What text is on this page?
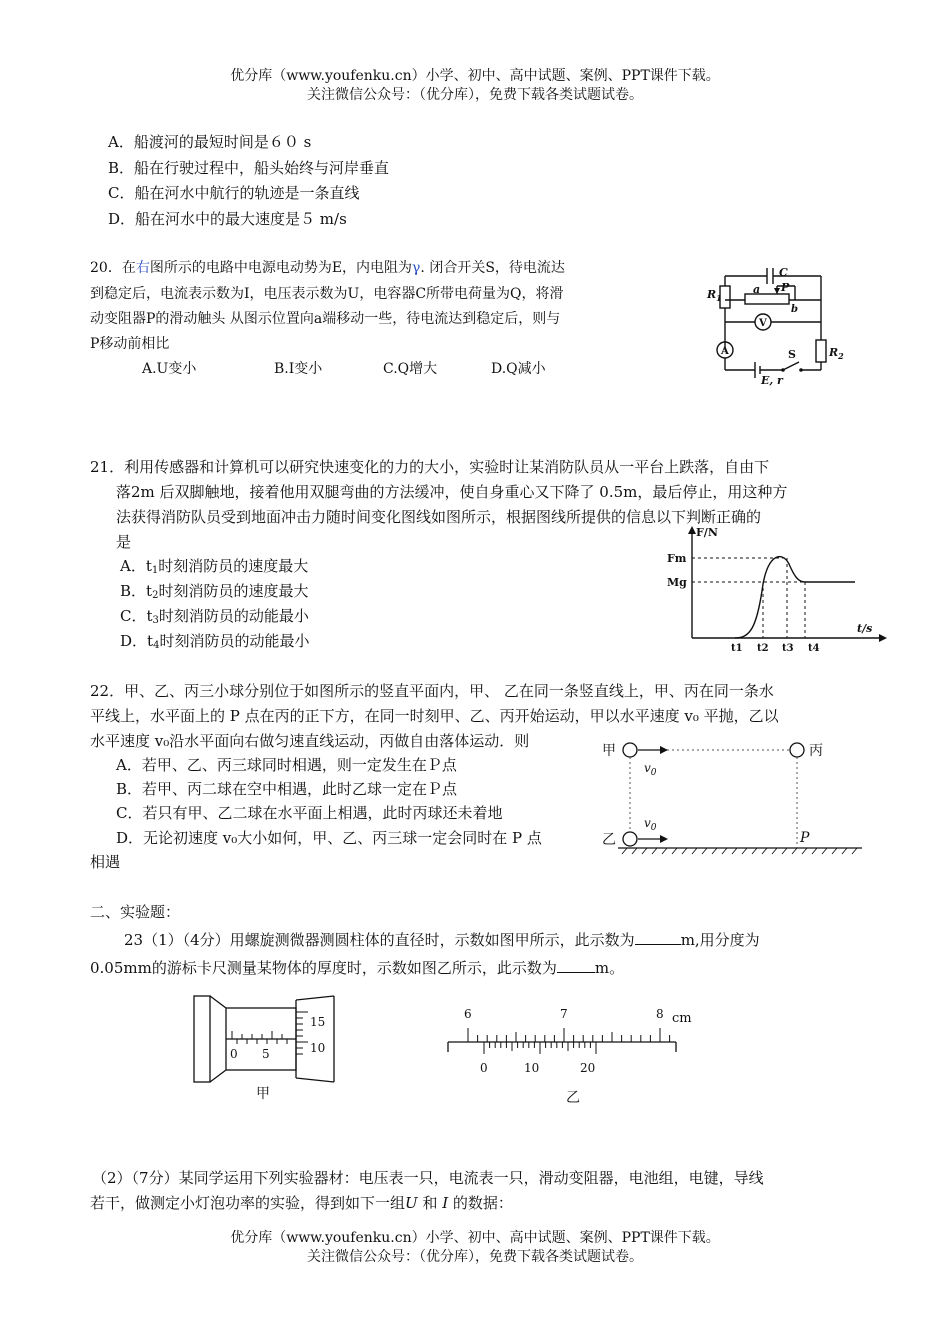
优分库（www.youfenku.cn）小学、初中、高中试题、案例、PPT课件下载。
关注微信公众号：（优分库），免费下载各类试题试卷。
A．船渡河的最短时间是６０ s
B．船在行驶过程中，船头始终与河岸垂直
C．船在河水中航行的轨迹是一条直线
D．船在河水中的最大速度是５ m/s
20．在右图所示的电路中电源电动势为E，内电阻为γ. 闭合开关S，待电流达
到稳定后，电流表示数为I，电压表示数为U，电容器C所带电荷量为Q，将滑
动变阻器P的滑动触头 从图示位置向a端移动一些，待电流达到稳定后，则与
P移动前相比
A.U变小	B.I变小	C.Q增大	D.Q减小
C
$R_1$
a P
b
V
A	S	$R_2$
E, r
21．利用传感器和计算机可以研究快速变化的力的大小，实验时让某消防队员从一平台上跌落，自由下
落2m 后双脚触地，接着他用双腿弯曲的方法缓冲，使自身重心又下降了 0.5m，最后停止，用这种方
法获得消防队员受到地面冲击力随时间变化图线如图所示，根据图线所提供的信息以下判断正确的
是
A．$t_1$时刻消防员的速度最大
B．$t_2$时刻消防员的速度最大
C．$t_3$时刻消防员的动能最小
D．$t_4$时刻消防员的动能最小
F/N
t/s
Fm
Mg
t1 t2 t3 t4
22．甲、乙、丙三小球分别位于如图所示的竖直平面内，甲、 乙在同一条竖直线上，甲、丙在同一条水
平线上，水平面上的 P 点在丙的正下方，在同一时刻甲、乙、丙开始运动，甲以水平速度 v₀ 平抛，乙以
水平速度 v₀沿水平面向右做匀速直线运动，丙做自由落体运动．则
A．若甲、乙、丙三球同时相遇，则一定发生在Ｐ点
B．若甲、丙二球在空中相遇，此时乙球一定在Ｐ点
C．若只有甲、乙二球在水平面上相遇，此时丙球还未着地
D．无论初速度 v₀大小如何，甲、乙、丙三球一定会同时在 P 点
相遇
甲	丙
乙	P
$v_0$
$v_0$
二、实验题：
23（1）（4分）用螺旋测微器测圆柱体的直径时，示数如图甲所示，此示数为	m,用分度为
0.05mm的游标卡尺测量某物体的厚度时，示数如图乙所示，此示数为	m。
15
10
0 5
甲
6	7	8 cm
0	10	20
乙
（2）（7分）某同学运用下列实验器材：电压表一只，电流表一只，滑动变阻器，电池组，电键，导线
若干，做测定小灯泡功率的实验，得到如下一组U 和 I 的数据：
优分库（www.youfenku.cn）小学、初中、高中试题、案例、PPT课件下载。
关注微信公众号：（优分库），免费下载各类试题试卷。
